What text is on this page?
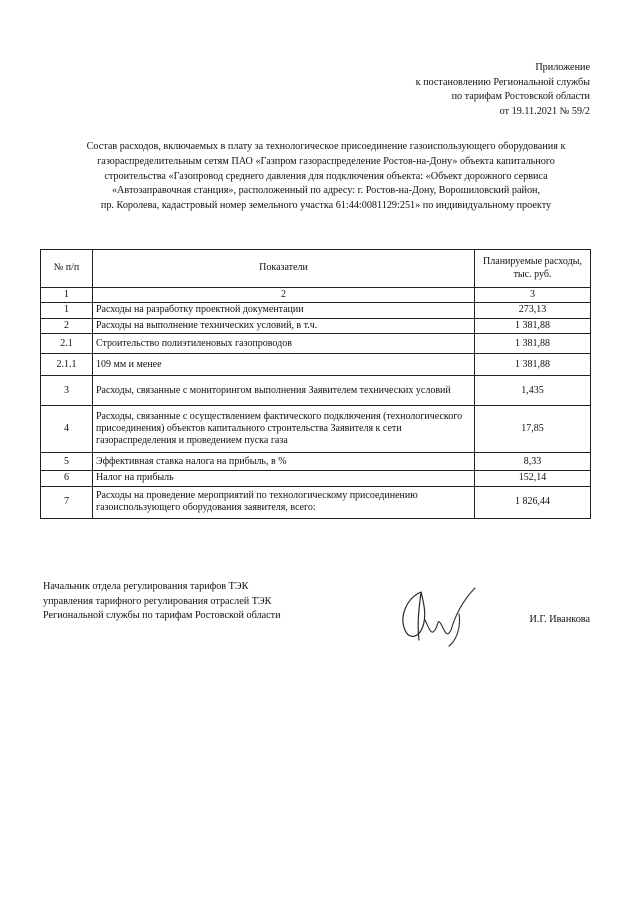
Приложение
к постановлению Региональной службы
по тарифам Ростовской области
от 19.11.2021 № 59/2
Состав расходов, включаемых в плату за технологическое присоединение газоиспользующего оборудования к
газораспределительным сетям ПАО «Газпром газораспределение Ростов-на-Дону» объекта капитального
строительства «Газопровод среднего давления для подключения объекта: «Объект дорожного сервиса
«Автозаправочная станция», расположенный по адресу: г. Ростов-на-Дону, Ворошиловский район,
пр. Королева, кадастровый номер земельного участка 61:44:0081129:251» по индивидуальному проекту
№ п/п	Показатели	Планируемые расходы, тыс. руб.
1	2	3
1	Расходы на разработку проектной документации	273,13
2	Расходы на выполнение технических условий, в т.ч.	1 381,88
2.1	Строительство полиэтиленовых газопроводов	1 381,88
2.1.1	109 мм и менее	1 381,88
3	Расходы, связанные с мониторингом выполнения Заявителем технических условий	1,435
4	Расходы, связанные с осуществлением фактического подключения (технологического присоединения) объектов капитального строительства Заявителя к сети газораспределения и проведением пуска газа	17,85
5	Эффективная ставка налога на прибыль, в %	8,33
6	Налог на прибыль	152,14
7	Расходы на проведение мероприятий по технологическому присоединению газоиспользующего оборудования заявителя, всего:	1 826,44
Начальник отдела регулирования тарифов ТЭК
управления тарифного регулирования отраслей ТЭК
Региональной службы по тарифам Ростовской области	И.Г. Иванкова
